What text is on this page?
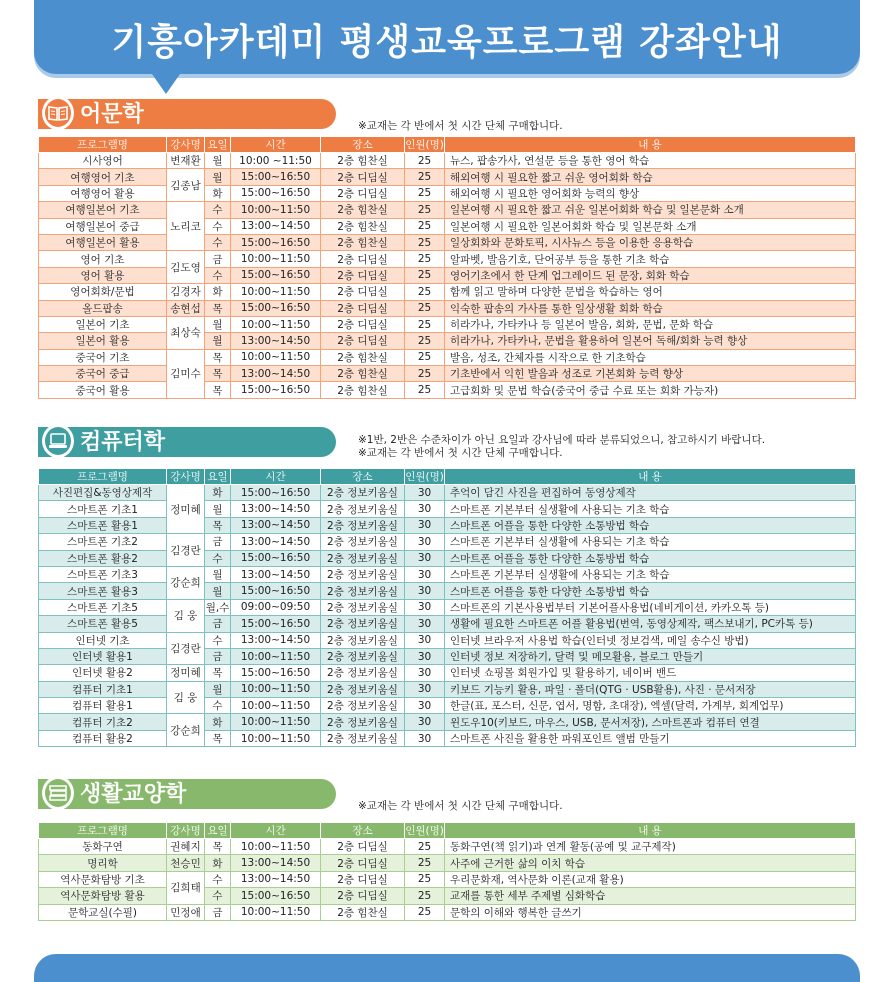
기흥아카데미 평생교육프로그램 강좌안내
어문학	※교재는 각 반에서 첫 시간 단체 구매합니다.
프로그램명	강사명	요일	시간	장소	인원(명)	내 용
시사영어	변재환	월	10:00 ~11:50	2층 힘찬실	25	뉴스, 팝송가사, 연설문 등을 통한 영어 학습
여행영어 기초	김종남	월	15:00~16:50	2층 디딤실	25	해외여행 시 필요한 짧고 쉬운 영어회화 학습
여행영어 활용		화	15:00~16:50	2층 디딤실	25	해외여행 시 필요한 영어회화 능력의 향상
여행일본어 기초	노리코	수	10:00~11:50	2층 힘찬실	25	일본여행 시 필요한 짧고 쉬운 일본어회화 학습 및 일본문화 소개
여행일본어 중급		수	13:00~14:50	2층 힘찬실	25	일본여행 시 필요한 일본어회화 학습 및 일본문화 소개
여행일본어 활용		수	15:00~16:50	2층 힘찬실	25	일상회화와 문화토픽, 시사뉴스 등을 이용한 응용학습
영어 기초	김도영	금	10:00~11:50	2층 디딤실	25	알파벳, 발음기호, 단어공부 등을 통한 기초 학습
영어 활용		수	15:00~16:50	2층 디딤실	25	영어기초에서 한 단계 업그레이드 된 문장, 회화 학습
영어회화/문법	김경자	화	10:00~11:50	2층 디딤실	25	함께 읽고 말하며 다양한 문법을 학습하는 영어
올드팝송	송현섭	목	15:00~16:50	2층 디딤실	25	익숙한 팝송의 가사를 통한 일상생활 회화 학습
일본어 기초	최상숙	월	10:00~11:50	2층 디딤실	25	히라가나, 가타카나 등 일본어 발음, 회화, 문법, 문화 학습
일본어 활용		월	13:00~14:50	2층 디딤실	25	히라가나, 가타카나, 문법을 활용하여 일본어 독해/회화 능력 향상
중국어 기초	김미수	목	10:00~11:50	2층 힘찬실	25	발음, 성조, 간체자를 시작으로 한 기초학습
중국어 중급		목	13:00~14:50	2층 힘찬실	25	기초반에서 익힌 발음과 성조로 기본회화 능력 향상
중국어 활용		목	15:00~16:50	2층 힘찬실	25	고급회화 및 문법 학습(중국어 중급 수료 또는 회화 가능자)
컴퓨터학	※1반, 2반은 수준차이가 아닌 요일과 강사님에 따라 분류되었으니, 참고하시기 바랍니다.
※교재는 각 반에서 첫 시간 단체 구매합니다.
프로그램명	강사명	요일	시간	장소	인원(명)	내 용
사진편집&동영상제작	정미혜	화	15:00~16:50	2층 정보키움실	30	추억이 담긴 사진을 편집하여 동영상제작
스마트폰 기초1		월	13:00~14:50	2층 정보키움실	30	스마트폰 기본부터 실생활에 사용되는 기초 학습
스마트폰 활용1		목	13:00~14:50	2층 정보키움실	30	스마트폰 어플을 통한 다양한 소통방법 학습
스마트폰 기초2	김경란	금	13:00~14:50	2층 정보키움실	30	스마트폰 기본부터 실생활에 사용되는 기초 학습
스마트폰 활용2		수	15:00~16:50	2층 정보키움실	30	스마트폰 어플을 통한 다양한 소통방법 학습
스마트폰 기초3	강순희	월	13:00~14:50	2층 정보키움실	30	스마트폰 기본부터 실생활에 사용되는 기초 학습
스마트폰 활용3		월	15:00~16:50	2층 정보키움실	30	스마트폰 어플을 통한 다양한 소통방법 학습
스마트폰 기초5	김 웅	월,수	09:00~09:50	2층 정보키움실	30	스마트폰의 기본사용법부터 기본어플사용법(네비게이션, 카카오톡 등)
스마트폰 활용5		금	15:00~16:50	2층 정보키움실	30	생활에 필요한 스마트폰 어플 활용법(번역, 동영상제작, 팩스보내기, PC카톡 등)
인터넷 기초	김경란	수	13:00~14:50	2층 정보키움실	30	인터넷 브라우저 사용법 학습(인터넷 정보검색, 메일 송수신 방법)
인터넷 활용1		금	10:00~11:50	2층 정보키움실	30	인터넷 정보 저장하기, 달력 및 메모활용, 블로그 만들기
인터넷 활용2	정미혜	목	15:00~16:50	2층 정보키움실	30	인터넷 쇼핑몰 회원가입 및 활용하기, 네이버 밴드
컴퓨터 기초1	김 웅	월	10:00~11:50	2층 정보키움실	30	키보드 기능키 활용, 파일 · 폴더(QTG · USB활용), 사진 · 문서저장
컴퓨터 활용1		수	10:00~11:50	2층 정보키움실	30	한글(표, 포스터, 신문, 엽서, 명함, 초대장), 엑셀(달력, 가계부, 회계업무)
컴퓨터 기초2	강순희	화	10:00~11:50	2층 정보키움실	30	윈도우10(키보드, 마우스, USB, 문서저장), 스마트폰과 컴퓨터 연결
컴퓨터 활용2		목	10:00~11:50	2층 정보키움실	30	스마트폰 사진을 활용한 파워포인트 앨범 만들기
생활교양학	※교재는 각 반에서 첫 시간 단체 구매합니다.
프로그램명	강사명	요일	시간	장소	인원(명)	내 용
동화구연	권혜지	목	10:00~11:50	2층 디딤실	25	동화구연(책 읽기)과 연계 활동(공예 및 교구제작)
명리학	천승민	화	13:00~14:50	2층 디딤실	25	사주에 근거한 삶의 이치 학습
역사문화탐방 기초	김희태	수	13:00~14:50	2층 디딤실	25	우리문화재, 역사문화 이론(교재 활용)
역사문화탐방 활용		수	15:00~16:50	2층 디딤실	25	교재를 통한 세부 주제별 심화학습
문학교실(수필)	민정애	금	10:00~11:50	2층 힘찬실	25	문학의 이해와 행복한 글쓰기
